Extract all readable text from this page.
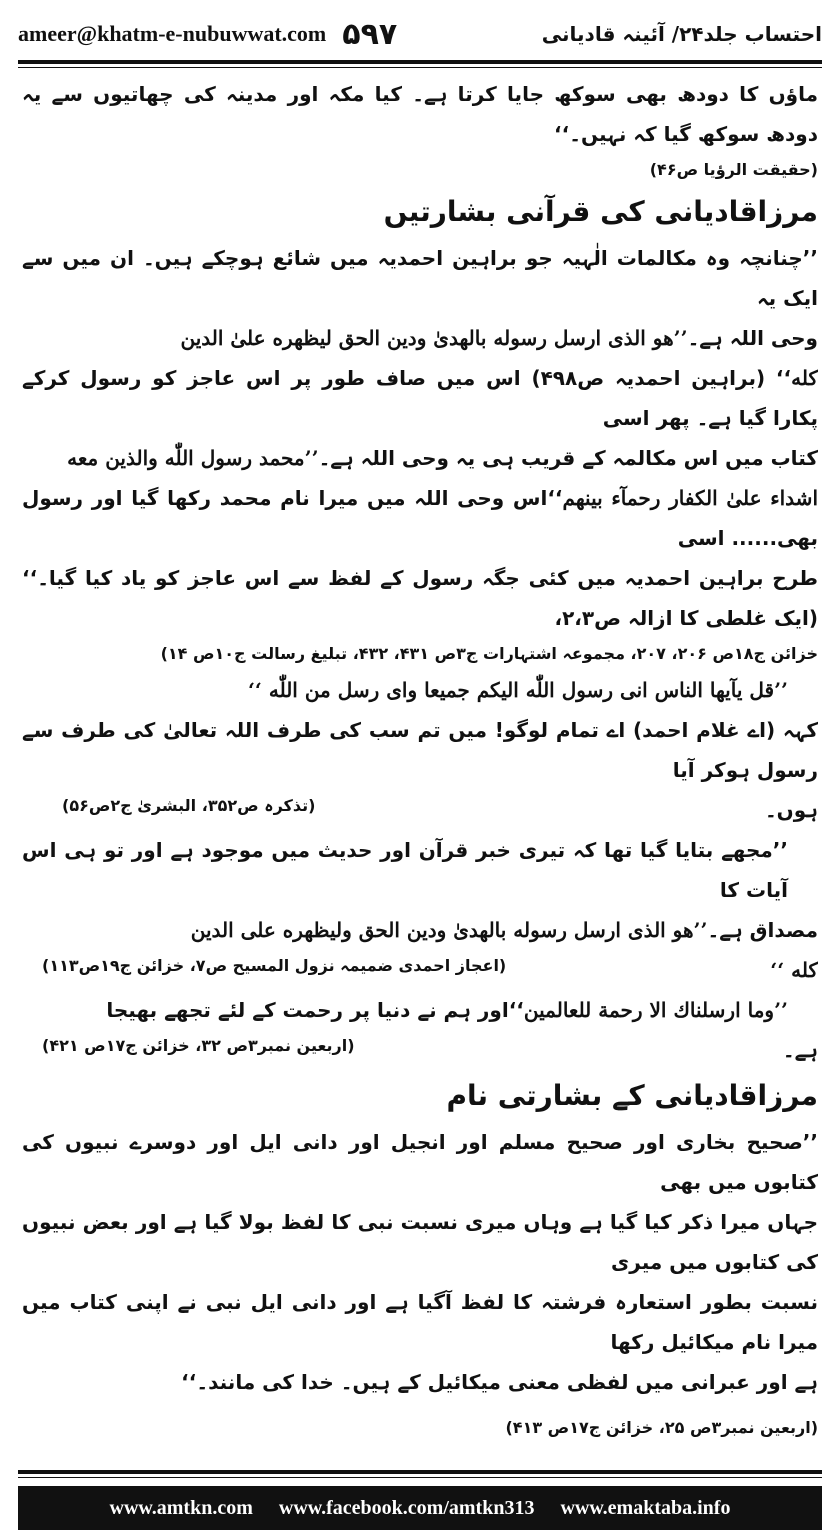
ameer@khatm-e-nubuwwat.com ۵۹۷	احتساب جلد۲۴/ آئینہ قادیانی

ماؤں کا دودھ بھی سوکھ جایا کرتا ہے۔ کیا مکہ اور مدینہ کی چھاتیوں سے یہ دودھ سوکھ گیا کہ نہیں۔‘‘

(حقیقت الرؤیا ص۴۶)

مرزاقادیانی کی قرآنی بشارتیں

’’چنانچہ وہ مکالمات الٰہیہ جو براہین احمدیہ میں شائع ہوچکے ہیں۔ ان میں سے ایک یہ

وحی اللہ ہے۔’’ھو الذی ارسل رسوله بالھدیٰ ودین الحق لیظھره علیٰ الدین

کله‘‘ (براہین احمدیہ ص۴۹۸) اس میں صاف طور پر اس عاجز کو رسول کرکے پکارا گیا ہے۔ پھر اسی

کتاب میں اس مکالمہ کے قریب ہی یہ وحی اللہ ہے۔’’محمد رسول اللّٰه والذین معه

اشداء علیٰ الکفار رحمآء بینھم‘‘اس وحی اللہ میں میرا نام محمد رکھا گیا اور رسول بھی...... اسی

طرح براہین احمدیہ میں کئی جگہ رسول کے لفظ سے اس عاجز کو یاد کیا گیا۔‘‘ (ایک غلطی کا ازالہ ص۲،۳،

خزائن ج۱۸ص ۲۰۶، ۲۰۷، مجموعہ اشتہارات ج۳ص ۴۳۱، ۴۳۲، تبلیغ رسالت ج۱۰ص ۱۴)

’’قل یآیھا الناس انی رسول اللّٰه الیکم جمیعا وای رسل من اللّٰه ‘‘

کہہ (اے غلام احمد) اے تمام لوگو! میں تم سب کی طرف اللہ تعالیٰ کی طرف سے رسول ہوکر آیا

ہوں۔
(تذکرہ ص۳۵۲، البشریٰ ج۲ص۵۶)

’’مجھے بتایا گیا تھا کہ تیری خبر قرآن اور حدیث میں موجود ہے اور تو ہی اس آیات کا

مصداق ہے۔’’ھو الذی ارسل رسوله بالھدیٰ ودین الحق ولیظھره علی الدین

کله ‘‘
(اعجاز احمدی ضمیمہ نزول المسیح ص۷، خزائن ج۱۹ص۱۱۳)

’’وما ارسلناك الا رحمة للعالمین‘‘اور ہم نے دنیا پر رحمت کے لئے تجھے بھیجا

ہے۔
(اربعین نمبر۳ص ۳۲، خزائن ج۱۷ص ۴۲۱)

مرزاقادیانی کے بشارتی نام

’’صحیح بخاری اور صحیح مسلم اور انجیل اور دانی ایل اور دوسرے نبیوں کی کتابوں میں بھی

جہاں میرا ذکر کیا گیا ہے وہاں میری نسبت نبی کا لفظ بولا گیا ہے اور بعض نبیوں کی کتابوں میں میری

نسبت بطور استعارہ فرشتہ کا لفظ آگیا ہے اور دانی ایل نبی نے اپنی کتاب میں میرا نام میکائیل رکھا

ہے اور عبرانی میں لفظی معنی میکائیل کے ہیں۔ خدا کی مانند۔‘‘

(اربعین نمبر۳ص ۲۵، خزائن ج۱۷ص ۴۱۳)

www.amtkn.com www.facebook.com/amtkn313 www.emaktaba.info
